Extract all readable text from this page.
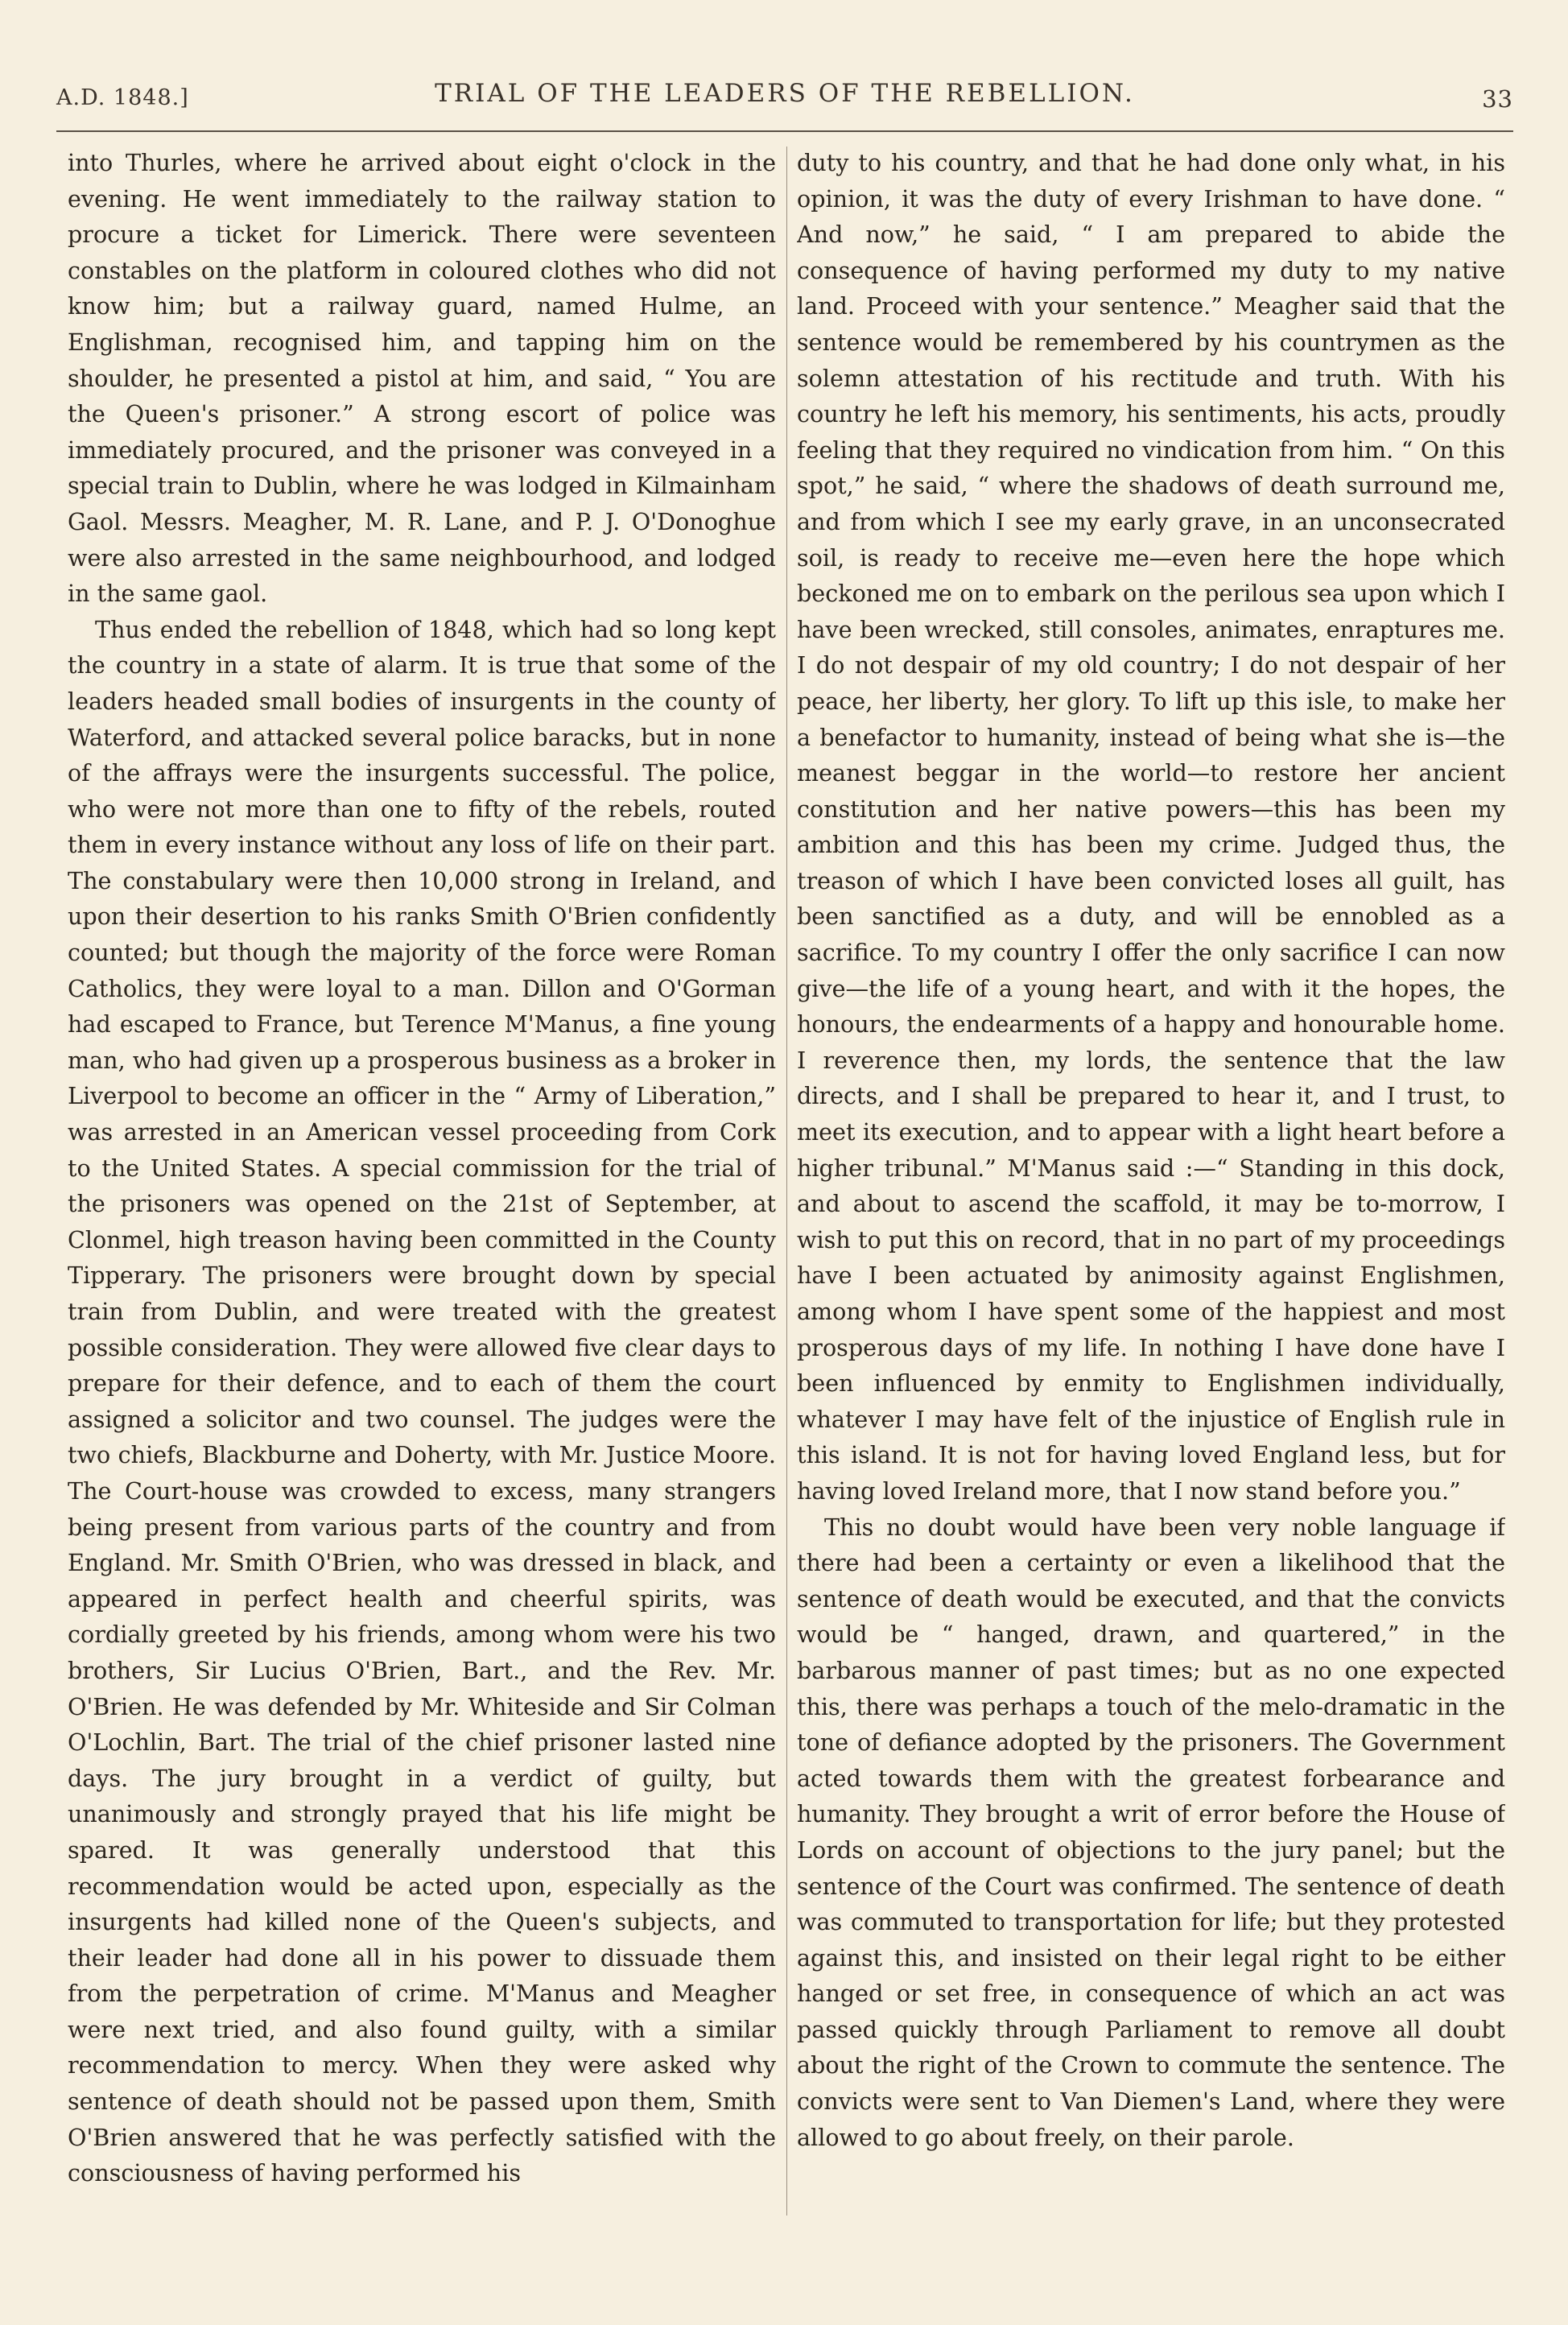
A.D. 1848.]	TRIAL OF THE LEADERS OF THE REBELLION.	33

into Thurles, where he arrived about eight o'clock in the evening. He went immediately to the railway station to procure a ticket for Limerick. There were seventeen constables on the platform in coloured clothes who did not know him; but a railway guard, named Hulme, an Englishman, recognised him, and tapping him on the shoulder, he presented a pistol at him, and said, “ You are the Queen's prisoner.” A strong escort of police was immediately procured, and the prisoner was conveyed in a special train to Dublin, where he was lodged in Kilmainham Gaol. Messrs. Meagher, M. R. Lane, and P. J. O'Donoghue were also arrested in the same neighbourhood, and lodged in the same gaol.

Thus ended the rebellion of 1848, which had so long kept the country in a state of alarm. It is true that some of the leaders headed small bodies of insurgents in the county of Waterford, and attacked several police baracks, but in none of the affrays were the insurgents successful. The police, who were not more than one to fifty of the rebels, routed them in every instance without any loss of life on their part. The constabulary were then 10,000 strong in Ireland, and upon their desertion to his ranks Smith O'Brien confidently counted; but though the majority of the force were Roman Catholics, they were loyal to a man. Dillon and O'Gorman had escaped to France, but Terence M'Manus, a fine young man, who had given up a prosperous business as a broker in Liverpool to become an officer in the “ Army of Liberation,” was arrested in an American vessel proceeding from Cork to the United States. A special commission for the trial of the prisoners was opened on the 21st of September, at Clonmel, high treason having been committed in the County Tipperary. The prisoners were brought down by special train from Dublin, and were treated with the greatest possible consideration. They were allowed five clear days to prepare for their defence, and to each of them the court assigned a solicitor and two counsel. The judges were the two chiefs, Blackburne and Doherty, with Mr. Justice Moore. The Court-house was crowded to excess, many strangers being present from various parts of the country and from England. Mr. Smith O'Brien, who was dressed in black, and appeared in perfect health and cheerful spirits, was cordially greeted by his friends, among whom were his two brothers, Sir Lucius O'Brien, Bart., and the Rev. Mr. O'Brien. He was defended by Mr. Whiteside and Sir Colman O'Lochlin, Bart. The trial of the chief prisoner lasted nine days. The jury brought in a verdict of guilty, but unanimously and strongly prayed that his life might be spared. It was generally understood that this recommendation would be acted upon, especially as the insurgents had killed none of the Queen's subjects, and their leader had done all in his power to dissuade them from the perpetration of crime. M'Manus and Meagher were next tried, and also found guilty, with a similar recommendation to mercy. When they were asked why sentence of death should not be passed upon them, Smith O'Brien answered that he was perfectly satisfied with the consciousness of having performed his

duty to his country, and that he had done only what, in his opinion, it was the duty of every Irishman to have done. “ And now,” he said, “ I am prepared to abide the consequence of having performed my duty to my native land. Proceed with your sentence.” Meagher said that the sentence would be remembered by his countrymen as the solemn attestation of his rectitude and truth. With his country he left his memory, his sentiments, his acts, proudly feeling that they required no vindication from him. “ On this spot,” he said, “ where the shadows of death surround me, and from which I see my early grave, in an unconsecrated soil, is ready to receive me—even here the hope which beckoned me on to embark on the perilous sea upon which I have been wrecked, still consoles, animates, enraptures me. I do not despair of my old country; I do not despair of her peace, her liberty, her glory. To lift up this isle, to make her a benefactor to humanity, instead of being what she is—the meanest beggar in the world—to restore her ancient constitution and her native powers—this has been my ambition and this has been my crime. Judged thus, the treason of which I have been convicted loses all guilt, has been sanctified as a duty, and will be ennobled as a sacrifice. To my country I offer the only sacrifice I can now give—the life of a young heart, and with it the hopes, the honours, the endearments of a happy and honourable home. I reverence then, my lords, the sentence that the law directs, and I shall be prepared to hear it, and I trust, to meet its execution, and to appear with a light heart before a higher tribunal.” M'Manus said :—“ Standing in this dock, and about to ascend the scaffold, it may be to-morrow, I wish to put this on record, that in no part of my proceedings have I been actuated by animosity against Englishmen, among whom I have spent some of the happiest and most prosperous days of my life. In nothing I have done have I been influenced by enmity to Englishmen individually, whatever I may have felt of the injustice of English rule in this island. It is not for having loved England less, but for having loved Ireland more, that I now stand before you.”

This no doubt would have been very noble language if there had been a certainty or even a likelihood that the sentence of death would be executed, and that the convicts would be “ hanged, drawn, and quartered,” in the barbarous manner of past times; but as no one expected this, there was perhaps a touch of the melo-dramatic in the tone of defiance adopted by the prisoners. The Government acted towards them with the greatest forbearance and humanity. They brought a writ of error before the House of Lords on account of objections to the jury panel; but the sentence of the Court was confirmed. The sentence of death was commuted to transportation for life; but they protested against this, and insisted on their legal right to be either hanged or set free, in consequence of which an act was passed quickly through Parliament to remove all doubt about the right of the Crown to commute the sentence. The convicts were sent to Van Diemen's Land, where they were allowed to go about freely, on their parole.
